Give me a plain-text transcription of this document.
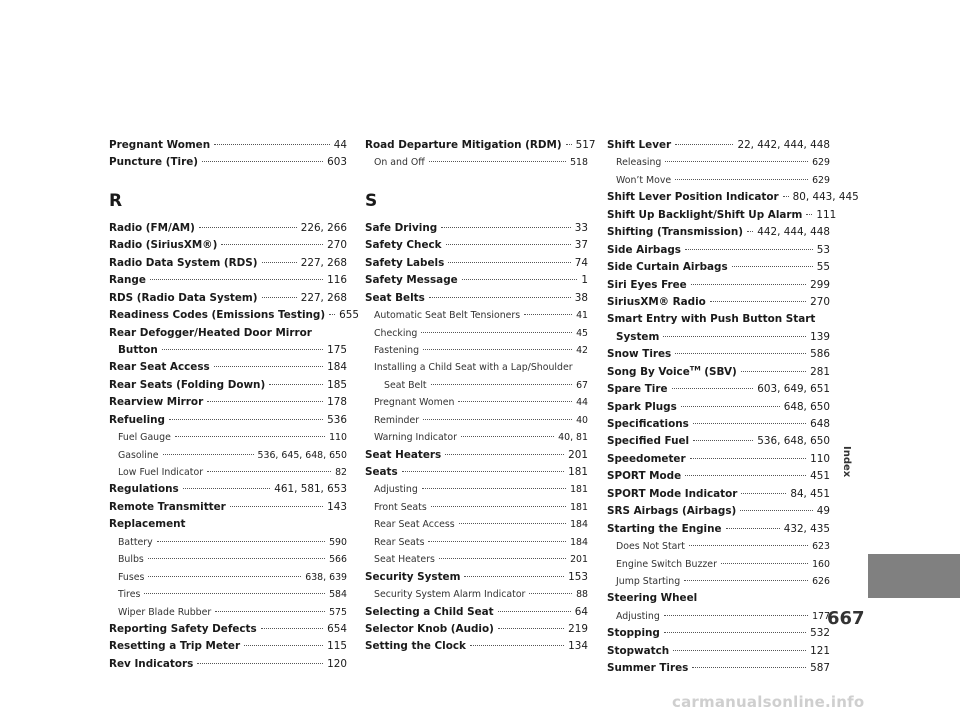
Pregnant Women	44
Puncture (Tire)	603
R
Radio (FM/AM)	226, 266
Radio (SiriusXM®)	270
Radio Data System (RDS)	227, 268
Range	116
RDS (Radio Data System)	227, 268
Readiness Codes (Emissions Testing) 655
Rear Defogger/Heated Door Mirror
Button	175
Rear Seat Access	184
Rear Seats (Folding Down)	185
Rearview Mirror	178
Refueling	536
Fuel Gauge	110
Gasoline	536, 645, 648, 650
Low Fuel Indicator	82
Regulations	461, 581, 653
Remote Transmitter	143
Replacement
Battery	590
Bulbs	566
Fuses	638, 639
Tires	584
Wiper Blade Rubber	575
Reporting Safety Defects	654
Resetting a Trip Meter	115
Rev Indicators	120
Road Departure Mitigation (RDM) 517
On and Off	518
S
Safe Driving	33
Safety Check	37
Safety Labels	74
Safety Message	1
Seat Belts	38
Automatic Seat Belt Tensioners	41
Checking	45
Fastening	42
Installing a Child Seat with a Lap/Shoulder
Seat Belt	67
Pregnant Women	44
Reminder	40
Warning Indicator	40, 81
Seat Heaters	201
Seats	181
Adjusting	181
Front Seats	181
Rear Seat Access	184
Rear Seats	184
Seat Heaters	201
Security System	153
Security System Alarm Indicator	88
Selecting a Child Seat	64
Selector Knob (Audio)	219
Setting the Clock	134
Shift Lever	22, 442, 444, 448
Releasing	629
Won’t Move	629
Shift Lever Position Indicator 80, 443, 445
Shift Up Backlight/Shift Up Alarm 111
Shifting (Transmission) 442, 444, 448
Side Airbags	53
Side Curtain Airbags	55
Siri Eyes Free	299
SiriusXM® Radio	270
Smart Entry with Push Button Start
System	139
Snow Tires	586
Song By Voice™ (SBV)	281
Spare Tire	603, 649, 651
Spark Plugs	648, 650
Specifications	648
Specified Fuel	536, 648, 650
Speedometer	110
SPORT Mode	451
SPORT Mode Indicator	84, 451
SRS Airbags (Airbags)	49
Starting the Engine	432, 435
Does Not Start	623
Engine Switch Buzzer	160
Jump Starting	626
Steering Wheel
Adjusting	177
Stopping	532
Stopwatch	121
Summer Tires	587
Index
667
carmanualsonline.info
